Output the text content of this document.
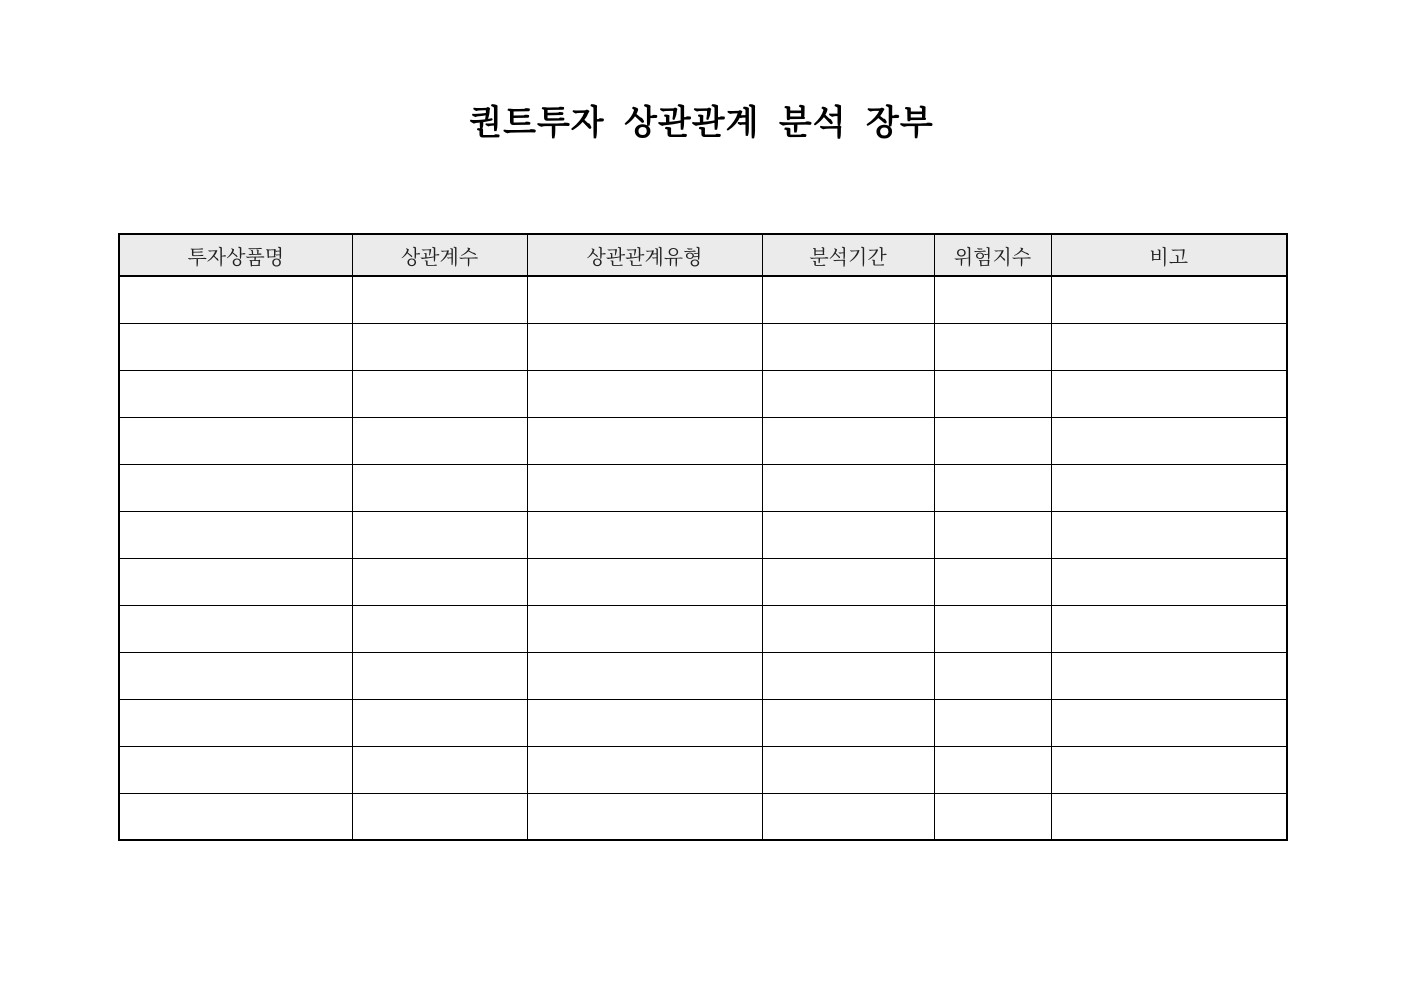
퀀트투자 상관관계 분석 장부
투자상품명	상관계수	상관관계유형	분석기간	위험지수	비고
